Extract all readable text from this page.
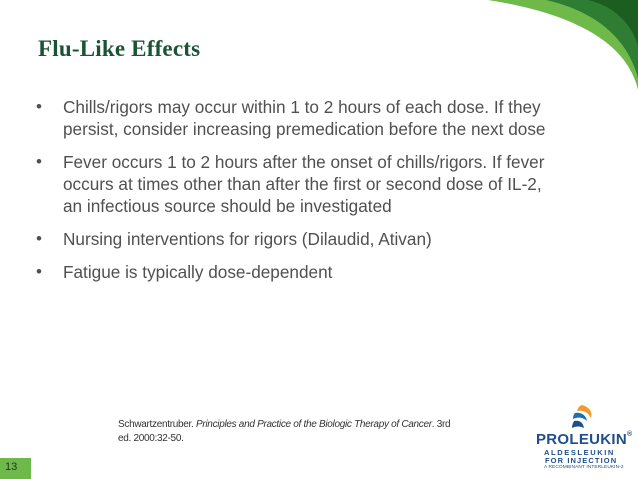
Flu-Like Effects
• Chills/rigors may occur within 1 to 2 hours of each dose. If they persist, consider increasing premedication before the next dose
• Fever occurs 1 to 2 hours after the onset of chills/rigors. If fever occurs at times other than after the first or second dose of IL-2, an infectious source should be investigated
• Nursing interventions for rigors (Dilaudid, Ativan)
• Fatigue is typically dose-dependent
Schwartzentruber. Principles and Practice of the Biologic Therapy of Cancer. 3rd ed. 2000:32-50.	PROLEUKIN®
ALDESLEUKIN
FOR INJECTION
A RECOMBINANT INTERLEUKIN-2
13
